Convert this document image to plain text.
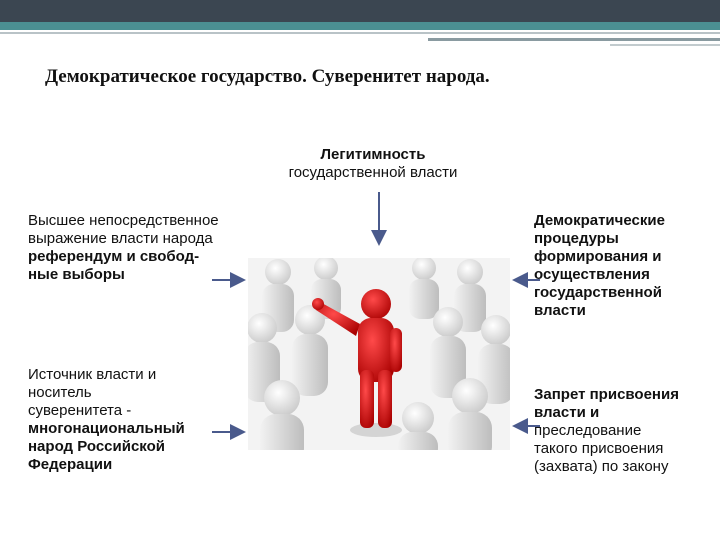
Демократическое государство. Суверенитет народа.
Легитимность
государственной власти
Высшее непосредственное
выражение власти народа
референдум и свобод-
ные выборы
Источник власти и
носитель
суверенитета -
многонациональный
народ Российской
Федерации
Демократические
процедуры
формирования и
осуществления
государственной
власти
Запрет присвоения
власти и
преследование
такого присвоения
(захвата) по закону
